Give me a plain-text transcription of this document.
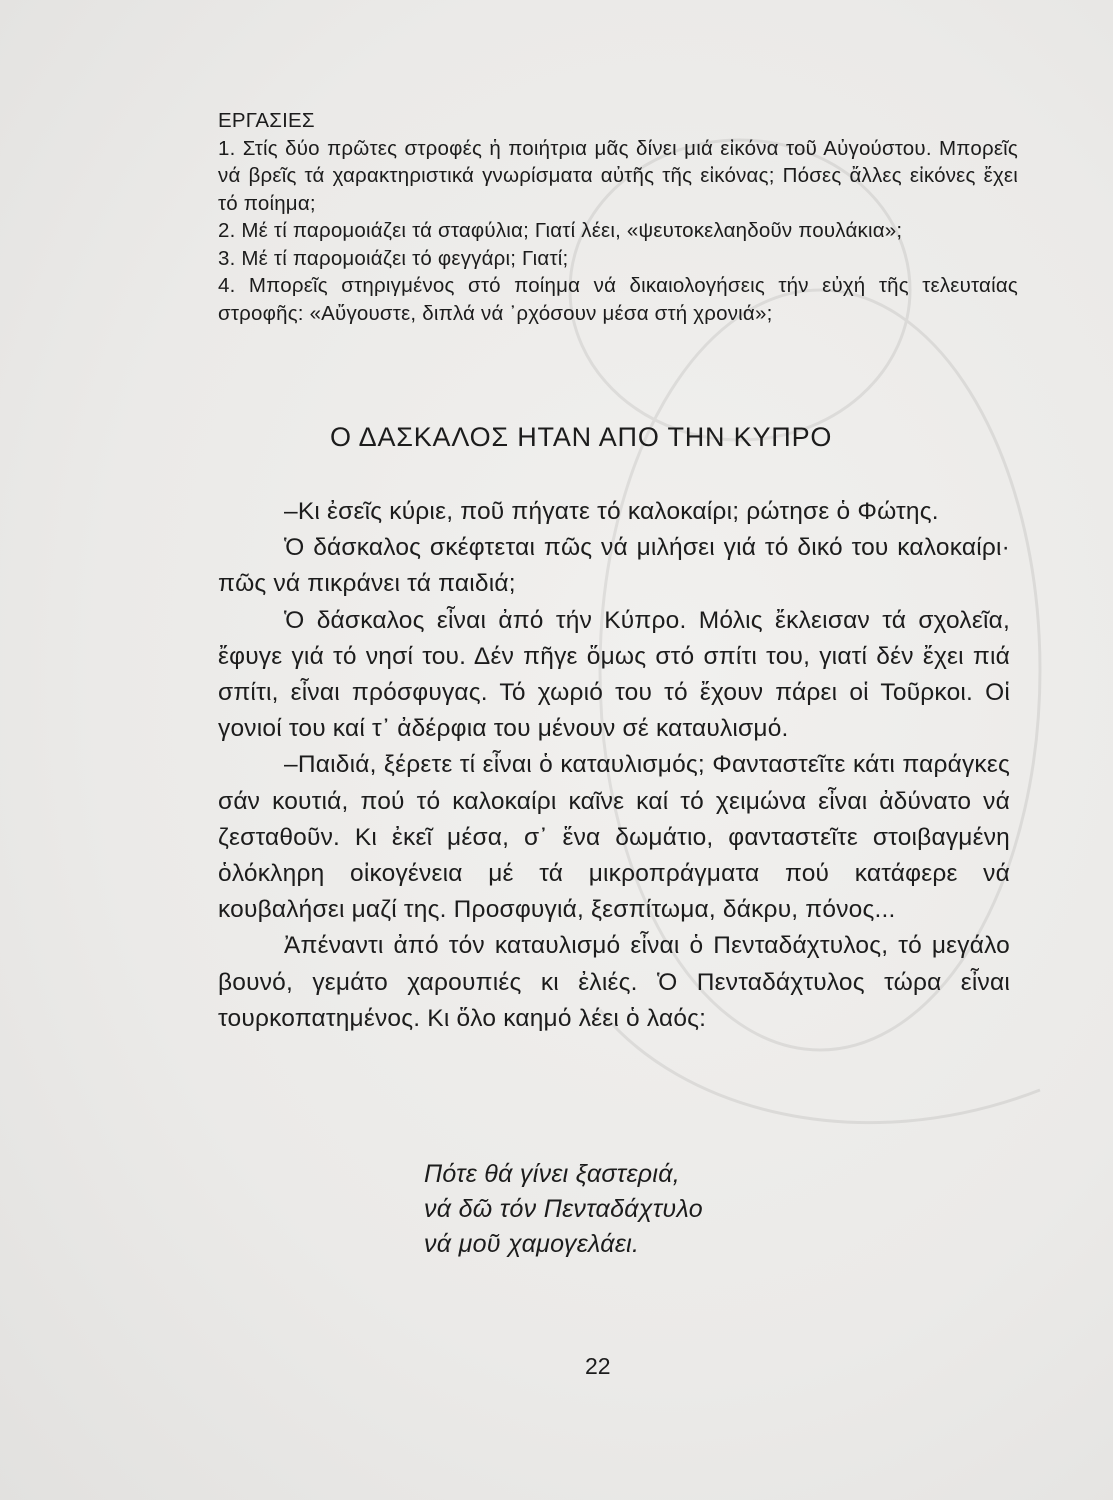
ΕΡΓΑΣΙΕΣ
1. Στίς δύο πρῶτες στροφές ἡ ποιήτρια μᾶς δίνει μιά εἰκόνα τοῦ Αὐγούστου. Μπορεῖς νά βρεῖς τά χαρακτηριστικά γνωρίσματα αὐτῆς τῆς εἰκόνας; Πόσες ἄλλες εἰκόνες ἔχει τό ποίημα;
2. Μέ τί παρομοιάζει τά σταφύλια; Γιατί λέει, «ψευτοκελαηδοῦν πουλάκια»;
3. Μέ τί παρομοιάζει τό φεγγάρι; Γιατί;
4. Μπορεῖς στηριγμένος στό ποίημα νά δικαιολογήσεις τήν εὐχή τῆς τελευταίας στροφῆς: «Αὔγουστε, διπλά νά ᾿ρχόσουν μέσα στή χρονιά»;
Ο ΔΑΣΚΑΛΟΣ ΗΤΑΝ ΑΠΟ ΤΗΝ ΚΥΠΡΟ

–Κι ἐσεῖς κύριε, ποῦ πήγατε τό καλοκαίρι; ρώτησε ὁ Φώτης.

Ὁ δάσκαλος σκέφτεται πῶς νά μιλήσει γιά τό δικό του καλοκαίρι· πῶς νά πικράνει τά παιδιά;

Ὁ δάσκαλος εἶναι ἀπό τήν Κύπρο. Μόλις ἔκλεισαν τά σχολεῖα, ἔφυγε γιά τό νησί του. Δέν πῆγε ὅμως στό σπίτι του, γιατί δέν ἔχει πιά σπίτι, εἶναι πρόσφυγας. Τό χωριό του τό ἔχουν πάρει οἱ Τοῦρκοι. Οἱ γονιοί του καί τ᾿ ἀδέρφια του μένουν σέ καταυλισμό.

–Παιδιά, ξέρετε τί εἶναι ὁ καταυλισμός; Φανταστεῖτε κάτι παράγκες σάν κουτιά, πού τό καλοκαίρι καῖνε καί τό χειμώνα εἶναι ἀδύνατο νά ζεσταθοῦν. Κι ἐκεῖ μέσα, σ᾿ ἕνα δωμάτιο, φανταστεῖτε στοιβαγμένη ὁλόκληρη οἰκογένεια μέ τά μικροπράγματα πού κατάφερε νά κουβαλήσει μαζί της. Προσφυγιά, ξεσπίτωμα, δάκρυ, πόνος...

Ἀπέναντι ἀπό τόν καταυλισμό εἶναι ὁ Πενταδάχτυλος, τό μεγάλο βουνό, γεμάτο χαρουπιές κι ἐλιές. Ὁ Πενταδάχτυλος τώρα εἶναι τουρκοπατημένος. Κι ὅλο καημό λέει ὁ λαός:

Πότε θά γίνει ξαστεριά,
νά δῶ τόν Πενταδάχτυλο
νά μοῦ χαμογελάει.
22
